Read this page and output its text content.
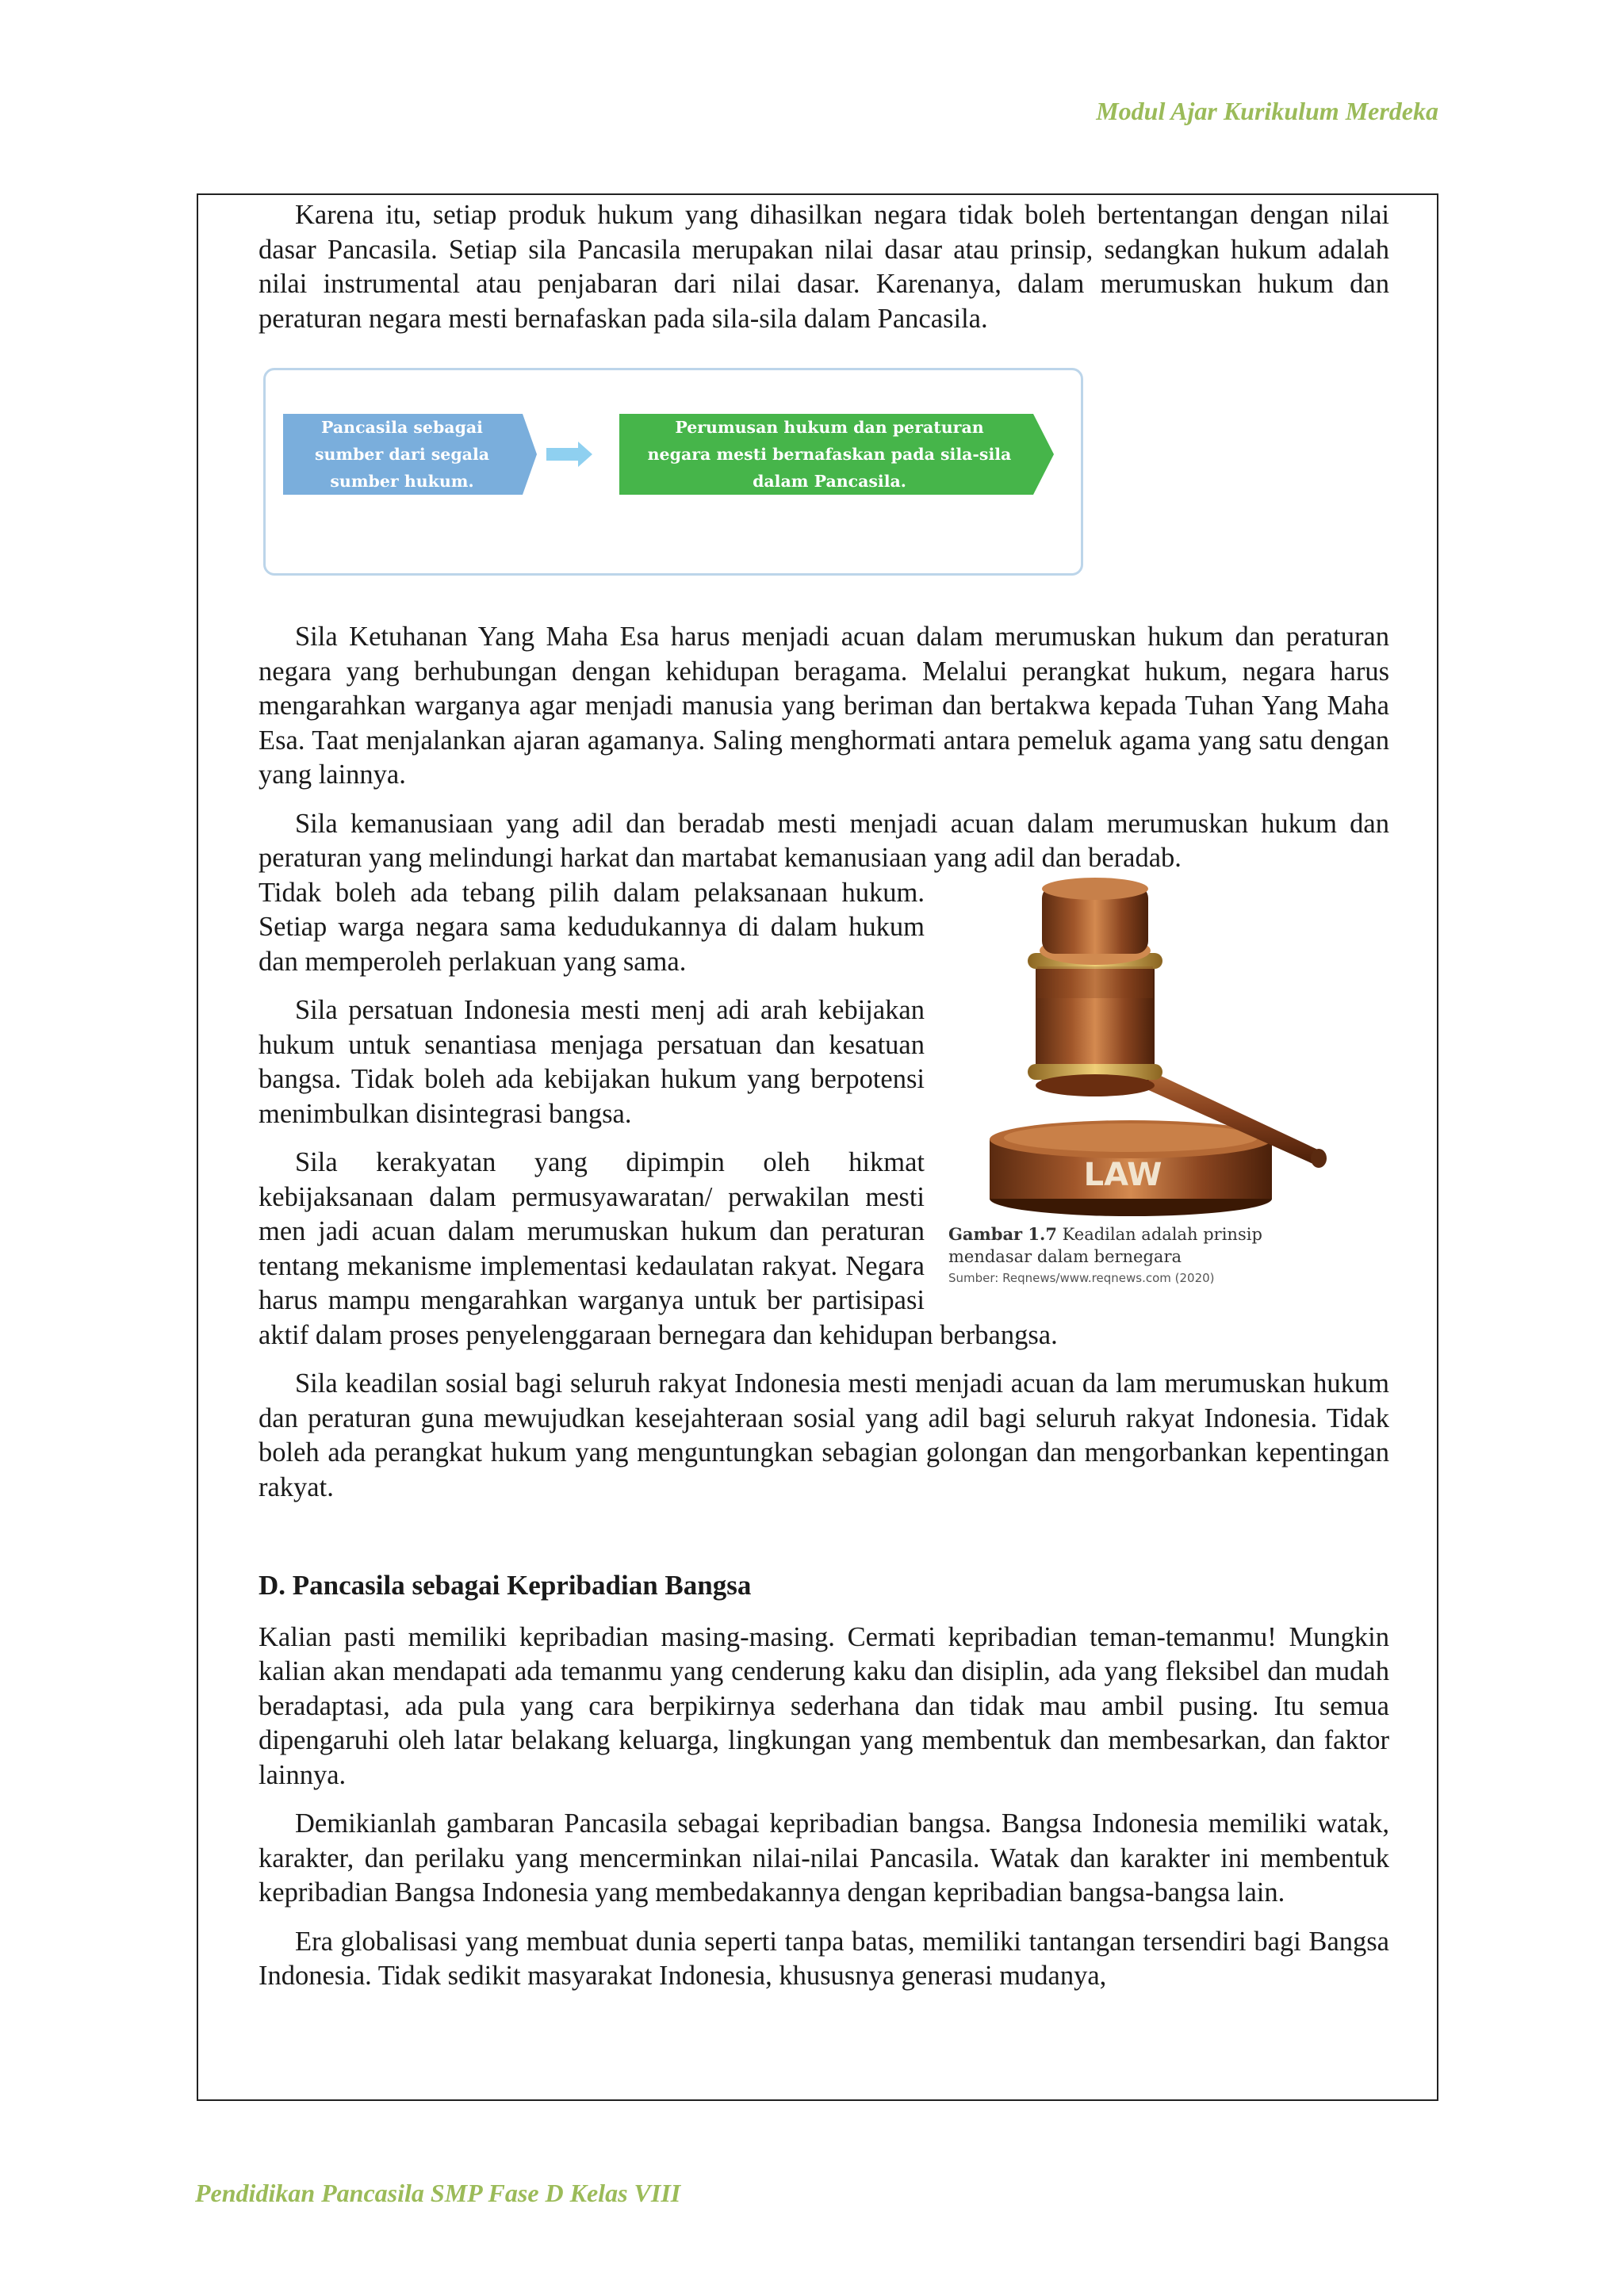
Modul Ajar Kurikulum Merdeka

Karena itu, setiap produk hukum yang dihasilkan negara tidak boleh bertentangan dengan nilai dasar Pancasila. Setiap sila Pancasila merupakan nilai dasar atau prinsip, sedangkan hukum adalah nilai instrumental atau penjabaran dari nilai dasar. Karenanya, dalam merumuskan hukum dan peraturan negara mesti bernafaskan pada sila-sila dalam Pancasila.

Pancasila sebagai
sumber dari segala
sumber hukum.
Perumusan hukum dan peraturan
negara mesti bernafaskan pada sila-sila
dalam Pancasila.

Sila Ketuhanan Yang Maha Esa harus menjadi acuan dalam merumuskan hukum dan peraturan negara yang berhubungan dengan kehidupan beragama. Melalui perangkat hukum, negara harus mengarahkan warganya agar menjadi manusia yang beriman dan bertakwa kepada Tuhan Yang Maha Esa. Taat menjalankan ajaran agamanya. Saling menghormati antara pemeluk agama yang satu dengan yang lainnya.

Sila kemanusiaan yang adil dan beradab mesti menjadi acuan dalam merumuskan hukum dan peraturan yang melindungi harkat dan martabat kemanusiaan yang adil dan beradab.

LAW
Gambar 1.7 Keadilan adalah prinsip mendasar dalam bernegara
Sumber: Reqnews/www.reqnews.com (2020)

Tidak boleh ada tebang pilih dalam pelaksanaan hukum. Setiap warga negara sama kedudukannya di dalam hukum dan memperoleh perlakuan yang sama.

Sila persatuan Indonesia mesti menj adi arah kebijakan hukum untuk senantiasa menjaga persatuan dan kesatuan bangsa. Tidak boleh ada kebijakan hukum yang berpotensi menimbulkan disintegrasi bangsa.

Sila kerakyatan yang dipimpin oleh hikmat kebijaksanaan dalam permusyawaratan/ perwakilan mesti men jadi acuan dalam merumuskan hukum dan peraturan tentang mekanisme implementasi kedaulatan rakyat. Negara harus mampu mengarahkan warganya untuk ber partisipasi aktif dalam proses penyelenggaraan bernegara dan kehidupan berbangsa.

Sila keadilan sosial bagi seluruh rakyat Indonesia mesti menjadi acuan da lam merumuskan hukum dan peraturan guna mewujudkan kesejahteraan sosial yang adil bagi seluruh rakyat Indonesia. Tidak boleh ada perangkat hukum yang menguntungkan sebagian golongan dan mengorbankan kepentingan rakyat.

D. Pancasila sebagai Kepribadian Bangsa

Kalian pasti memiliki kepribadian masing-masing. Cermati kepribadian teman-temanmu! Mungkin kalian akan mendapati ada temanmu yang cenderung kaku dan disiplin, ada yang fleksibel dan mudah beradaptasi, ada pula yang cara berpikirnya sederhana dan tidak mau ambil pusing. Itu semua dipengaruhi oleh latar belakang keluarga, lingkungan yang membentuk dan membesarkan, dan faktor lainnya.

Demikianlah gambaran Pancasila sebagai kepribadian bangsa. Bangsa Indonesia memiliki watak, karakter, dan perilaku yang mencerminkan nilai-nilai Pancasila. Watak dan karakter ini membentuk kepribadian Bangsa Indonesia yang membedakannya dengan kepribadian bangsa-bangsa lain.

Era globalisasi yang membuat dunia seperti tanpa batas, memiliki tantangan tersendiri bagi Bangsa Indonesia. Tidak sedikit masyarakat Indonesia, khususnya generasi mudanya,

Pendidikan Pancasila SMP Fase D Kelas VIII
